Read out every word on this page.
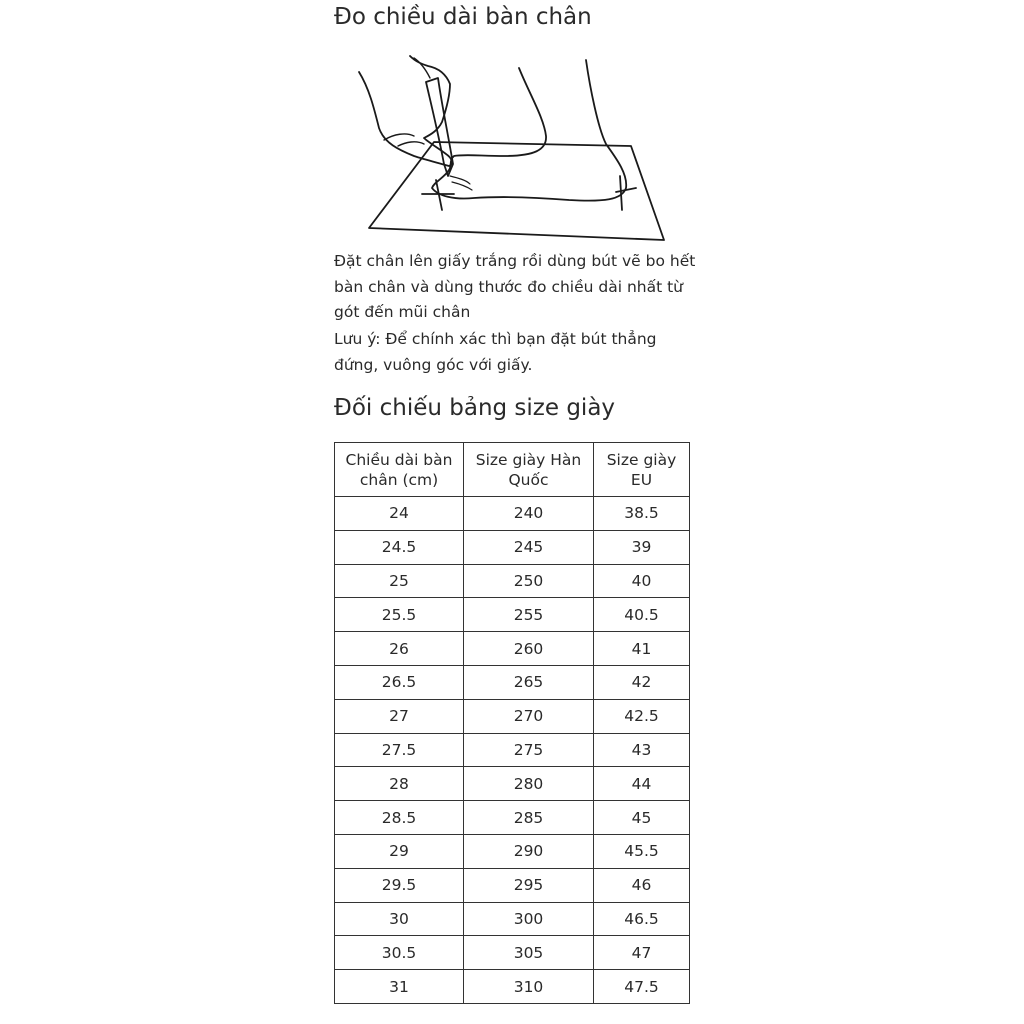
Đo chiều dài bàn chân

Đặt chân lên giấy trắng rồi dùng bút vẽ bo hết bàn chân và dùng thước đo chiều dài nhất từ gót đến mũi chân

Lưu ý: Để chính xác thì bạn đặt bút thẳng đứng, vuông góc với giấy.

Đối chiếu bảng size giày
Chiều dài bàn chân (cm)	Size giày Hàn Quốc	Size giày EU
24	240	38.5
24.5	245	39
25	250	40
25.5	255	40.5
26	260	41
26.5	265	42
27	270	42.5
27.5	275	43
28	280	44
28.5	285	45
29	290	45.5
29.5	295	46
30	300	46.5
30.5	305	47
31	310	47.5
